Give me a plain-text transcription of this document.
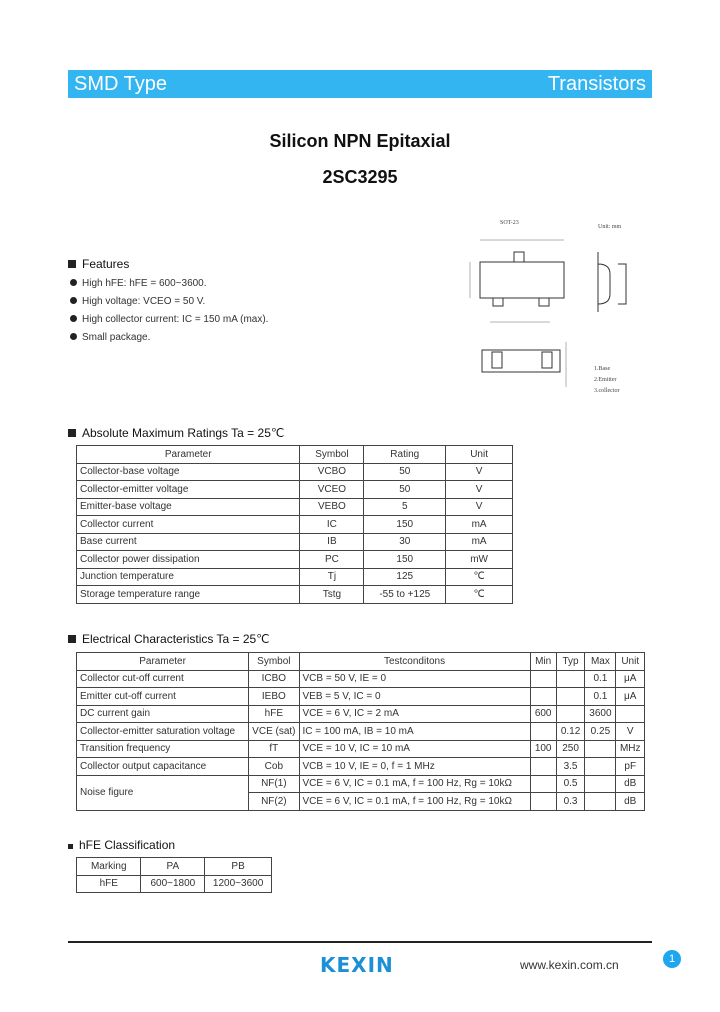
SMD Type	Transistors
Silicon NPN Epitaxial
2SC3295
Features
High hFE: hFE = 600~3600.
High voltage: VCEO = 50 V.
High collector current: IC = 150 mA (max).
Small package.
SOT-23
Unit: mm
1.Base
2.Emitter
3.collector
Absolute Maximum Ratings Ta = 25℃
Parameter	Symbol	Rating	Unit
Collector-base voltage	VCBO	50	V
Collector-emitter voltage	VCEO	50	V
Emitter-base voltage	VEBO	5	V
Collector current	IC	150	mA
Base current	IB	30	mA
Collector power dissipation	PC	150	mW
Junction temperature	Tj	125	℃
Storage temperature range	Tstg	-55 to +125	℃
Electrical Characteristics Ta = 25℃
Parameter	Symbol	Testconditons	Min	Typ	Max	Unit
Collector cut-off current	ICBO	VCB = 50 V, IE = 0			0.1	μA
Emitter cut-off current	IEBO	VEB = 5 V, IC = 0			0.1	μA
DC current gain	hFE	VCE = 6 V, IC = 2 mA	600		3600	
Collector-emitter saturation voltage	VCE (sat)	IC = 100 mA, IB = 10 mA		0.12	0.25	V
Transition frequency	fT	VCE = 10 V, IC = 10 mA	100	250		MHz
Collector output capacitance	Cob	VCB = 10 V, IE = 0, f = 1 MHz		3.5		pF
Noise figure	NF(1)	VCE = 6 V, IC = 0.1 mA, f = 100 Hz, Rg = 10kΩ		0.5		dB
	NF(2)	VCE = 6 V, IC = 0.1 mA, f = 100 Hz, Rg = 10kΩ		0.3		dB
hFE Classification
Marking	PA	PB
hFE	600~1800	1200~3600
KEXIN	www.kexin.com.cn	1
